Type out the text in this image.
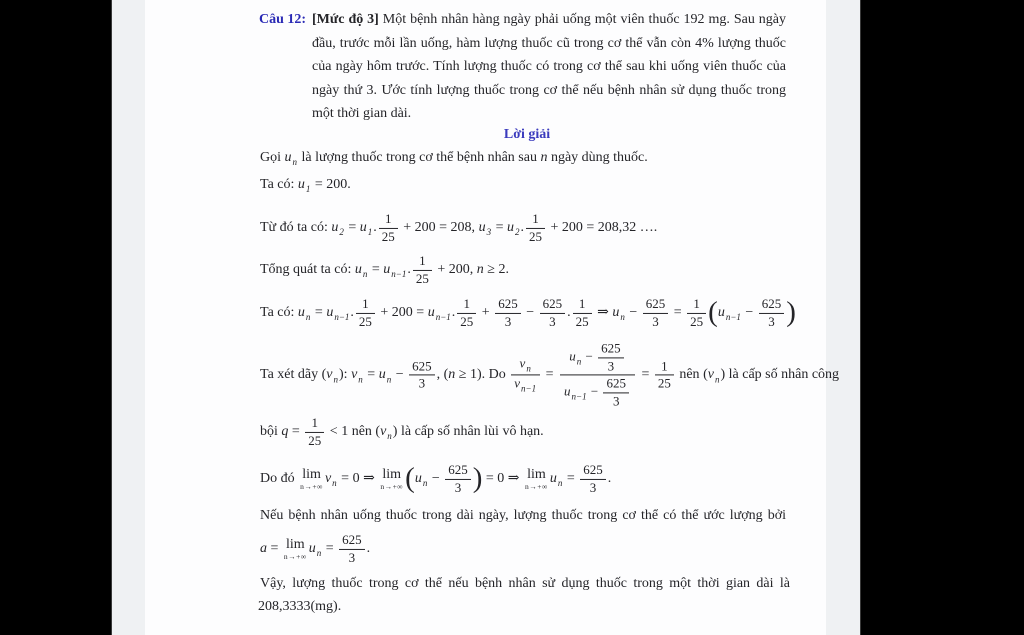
Câu 12: [Mức độ 3] Một bệnh nhân hàng ngày phải uống một viên thuốc 192 mg. Sau ngày đầu, trước mỗi lần uống, hàm lượng thuốc cũ trong cơ thể vẫn còn 4% lượng thuốc của ngày hôm trước. Tính lượng thuốc có trong cơ thể sau khi uống viên thuốc của ngày thứ 3. Ước tính lượng thuốc trong cơ thể nếu bệnh nhân sử dụng thuốc trong một thời gian dài.
Lời giải
Gọi $u_n$ là lượng thuốc trong cơ thể bệnh nhân sau n ngày dùng thuốc.
Ta có: $u_1 = 200$.
Từ đó ta có: $u_2 = u_1$. $\frac{1}{25} + 200 = 208$, $u_3 = u_2$. $\frac{1}{25} + 200 = 208,32$ ….
Tổng quát ta có: $u_n = u_{n-1}$. $\frac{1}{25} + 200$, n ≥ 2.
Ta có: $u_n = u_{n-1}$. $\frac{1}{25} + 200 = u_{n-1}$. $\frac{1}{25} + \frac{625}{3} - \frac{625}{3}$ . $\frac{1}{25}$ ⇒ $u_n - \frac{625}{3} = \frac{1}{25} (u_{n-1} - \frac{625}{3}$ )
Ta xét dãy $(v_n)$: $v_n = u_n - \frac{625}{3}$ , (n ≥ 1). Do $\frac{v_n}{v_{n-1}} = \frac{u_n - \frac{625}{3}}{u_{n-1} - \frac{625}{3}} = \frac{1}{25}$ nên $(v_n)$ là cấp số nhân công
bội $q = \frac{1}{25} < 1$ nên $(v_n)$ là cấp số nhân lùi vô hạn.
Do đó lim
n→+∞
$v_n = 0$ ⇒ lim
n→+∞ ($u_n - \frac{625}{3}$ ) = 0 ⇒ lim
n→+∞
$u_n = \frac{625}{3}$ .
Nếu bệnh nhân uống thuốc trong dài ngày, lượng thuốc trong cơ thể có thể ước lượng bởi
a = lim
n→+∞
$u_n = \frac{625}{3}$ .
Vậy, lượng thuốc trong cơ thể nếu bệnh nhân sử dụng thuốc trong một thời gian dài là
208,3333(mg).
